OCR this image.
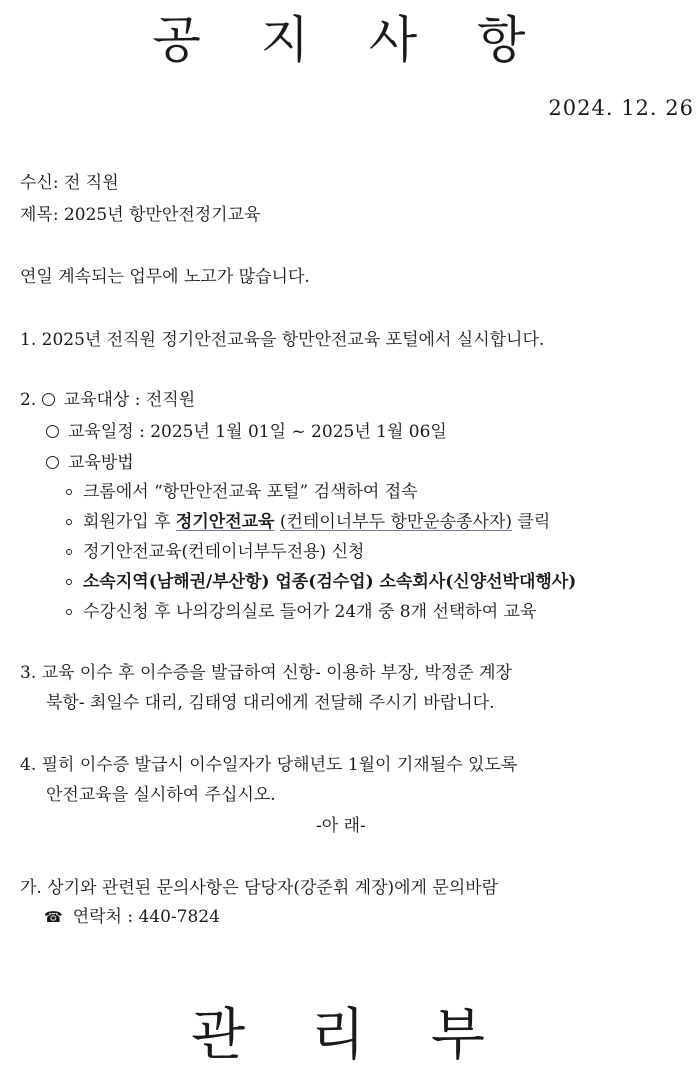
공 지 사 항
2024. 12. 26
수신: 전 직원
제목: 2025년 항만안전정기교육
연일 계속되는 업무에 노고가 많습니다.
1. 2025년 전직원 정기안전교육을 항만안전교육 포털에서 실시합니다.
2. 교육대상 : 전직원
교육일정 : 2025년 1월 01일 ~ 2025년 1월 06일
교육방법
크롬에서 “항만안전교육 포털” 검색하여 접속
회원가입 후 정기안전교육 (컨테이너부두 항만운송종사자) 클릭
정기안전교육(컨테이너부두전용) 신청
소속지역(남해권/부산항) 업종(검수업) 소속회사(신양선박대행사)
수강신청 후 나의강의실로 들어가 24개 중 8개 선택하여 교육
3. 교육 이수 후 이수증을 발급하여 신항- 이용하 부장, 박정준 계장
북항- 최일수 대리, 김태영 대리에게 전달해 주시기 바랍니다.
4. 필히 이수증 발급시 이수일자가 당해년도 1월이 기재될수 있도록
안전교육을 실시하여 주십시오.
-아 래-
가. 상기와 관련된 문의사항은 담당자(강준휘 계장)에게 문의바람
☎ 연락처 : 440-7824
관 리 부
